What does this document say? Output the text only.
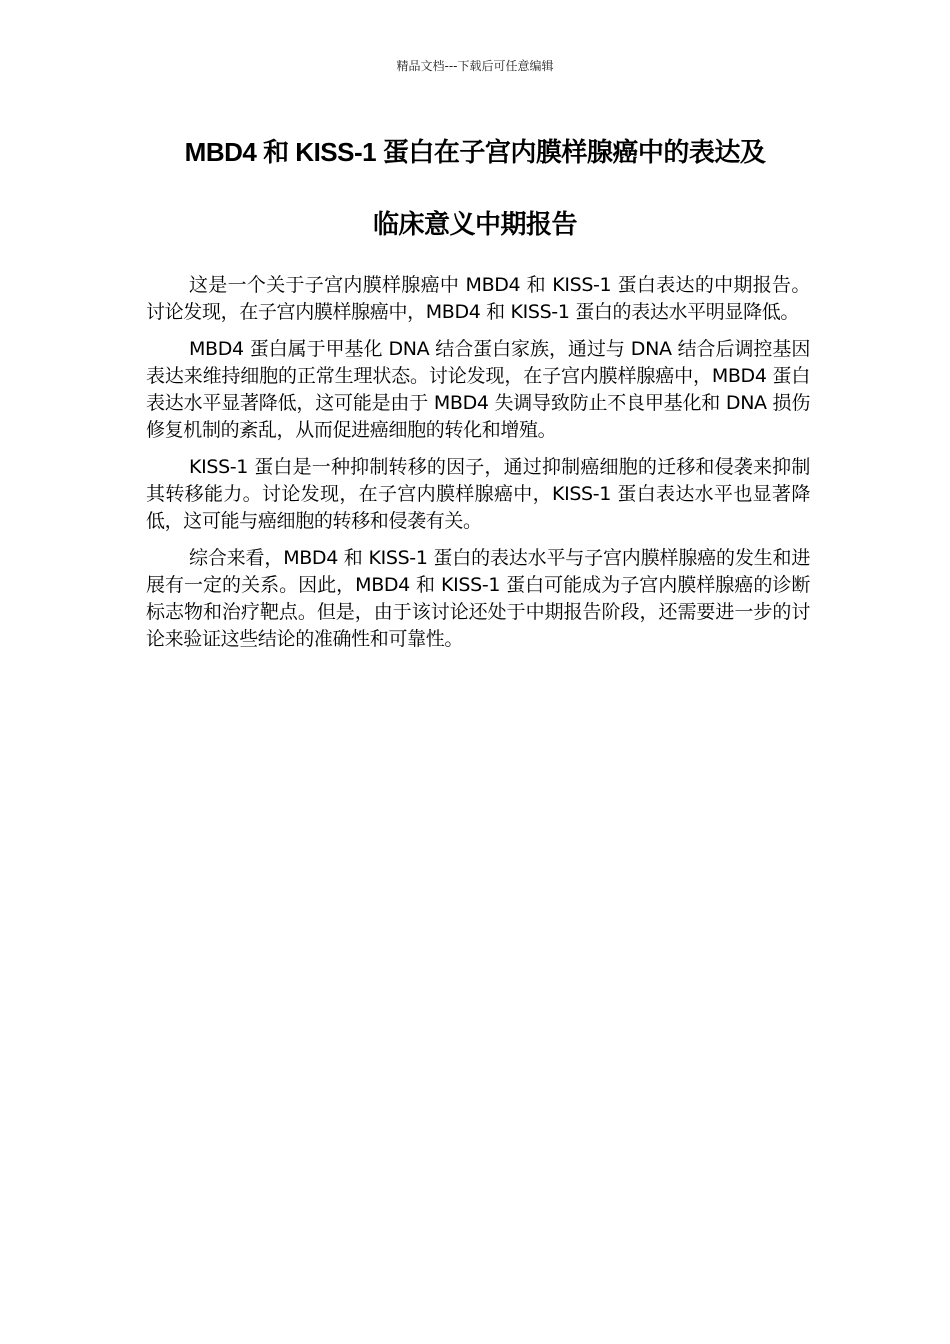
精品文档---下载后可任意编辑
MBD4 和 KISS-1 蛋白在子宫内膜样腺癌中的表达及
临床意义中期报告

这是一个关于子宫内膜样腺癌中 MBD4 和 KISS-1 蛋白表达的中期报告。讨论发现，在子宫内膜样腺癌中，MBD4 和 KISS-1 蛋白的表达水平明显降低。

MBD4 蛋白属于甲基化 DNA 结合蛋白家族，通过与 DNA 结合后调控基因表达来维持细胞的正常生理状态。讨论发现，在子宫内膜样腺癌中，MBD4 蛋白表达水平显著降低，这可能是由于 MBD4 失调导致防止不良甲基化和 DNA 损伤修复机制的紊乱，从而促进癌细胞的转化和增殖。

KISS-1 蛋白是一种抑制转移的因子，通过抑制癌细胞的迁移和侵袭来抑制其转移能力。讨论发现，在子宫内膜样腺癌中，KISS-1 蛋白表达水平也显著降低，这可能与癌细胞的转移和侵袭有关。

综合来看，MBD4 和 KISS-1 蛋白的表达水平与子宫内膜样腺癌的发生和进展有一定的关系。因此，MBD4 和 KISS-1 蛋白可能成为子宫内膜样腺癌的诊断标志物和治疗靶点。但是，由于该讨论还处于中期报告阶段，还需要进一步的讨论来验证这些结论的准确性和可靠性。
